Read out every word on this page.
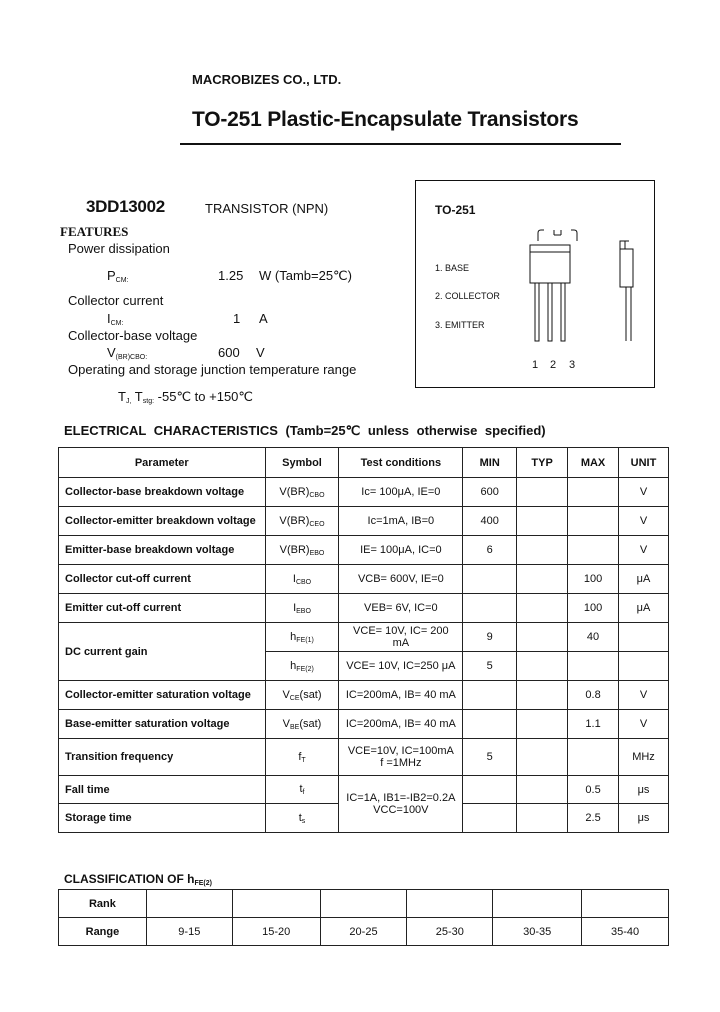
MACROBIZES CO., LTD.
TO-251 Plastic-Encapsulate Transistors
3DD13002	TRANSISTOR (NPN)
FEATURES
Power dissipation
$P_{CM:}$	1.25 W (Tamb=25℃)
Collector current
$I_{CM:}$	1 A
Collector-base voltage
$V_{(BR)CBO:}$	600 V
Operating and storage junction temperature range
$T_{J,}$ $T_{stg:}$ -55℃ to +150℃
TO-251
1. BASE
2. COLLECTOR
3. EMITTER
1 2 3
ELECTRICAL CHARACTERISTICS (Tamb=25℃ unless otherwise specified)
Parameter	Symbol	Test conditions	MIN	TYP	MAX	UNIT
Collector-base breakdown voltage	$V(BR)_{CBO}$	Ic= 100μA, IE=0	600			V
Collector-emitter breakdown voltage	$V(BR)_{CEO}$	Ic=1mA, IB=0	400			V
Emitter-base breakdown voltage	$V(BR)_{EBO}$	IE= 100μA, IC=0	6			V
Collector cut-off current	$I_{CBO}$	VCB= 600V, IE=0			100	μA
Emitter cut-off current	$I_{EBO}$	VEB= 6V, IC=0			100	μA
DC current gain	$h_{FE(1)}$	VCE= 10V, IC= 200 mA	9		40	
	$h_{FE(2)}$	VCE= 10V, IC=250 μA	5			
Collector-emitter saturation voltage	$V_{CE}(sat)$	IC=200mA, IB= 40 mA			0.8	V
Base-emitter saturation voltage	$V_{BE}(sat)$	IC=200mA, IB= 40 mA			1.1	V
Transition frequency	$f_T$	VCE=10V, IC=100mA
f =1MHz	5			MHz
Fall time	$t_f$	IC=1A, IB1=-IB2=0.2A
VCC=100V			0.5	μs
Storage time	$t_s$				2.5	μs
CLASSIFICATION OF $h_{FE(2)}$
Rank						
Range	9-15	15-20	20-25	25-30	30-35	35-40
